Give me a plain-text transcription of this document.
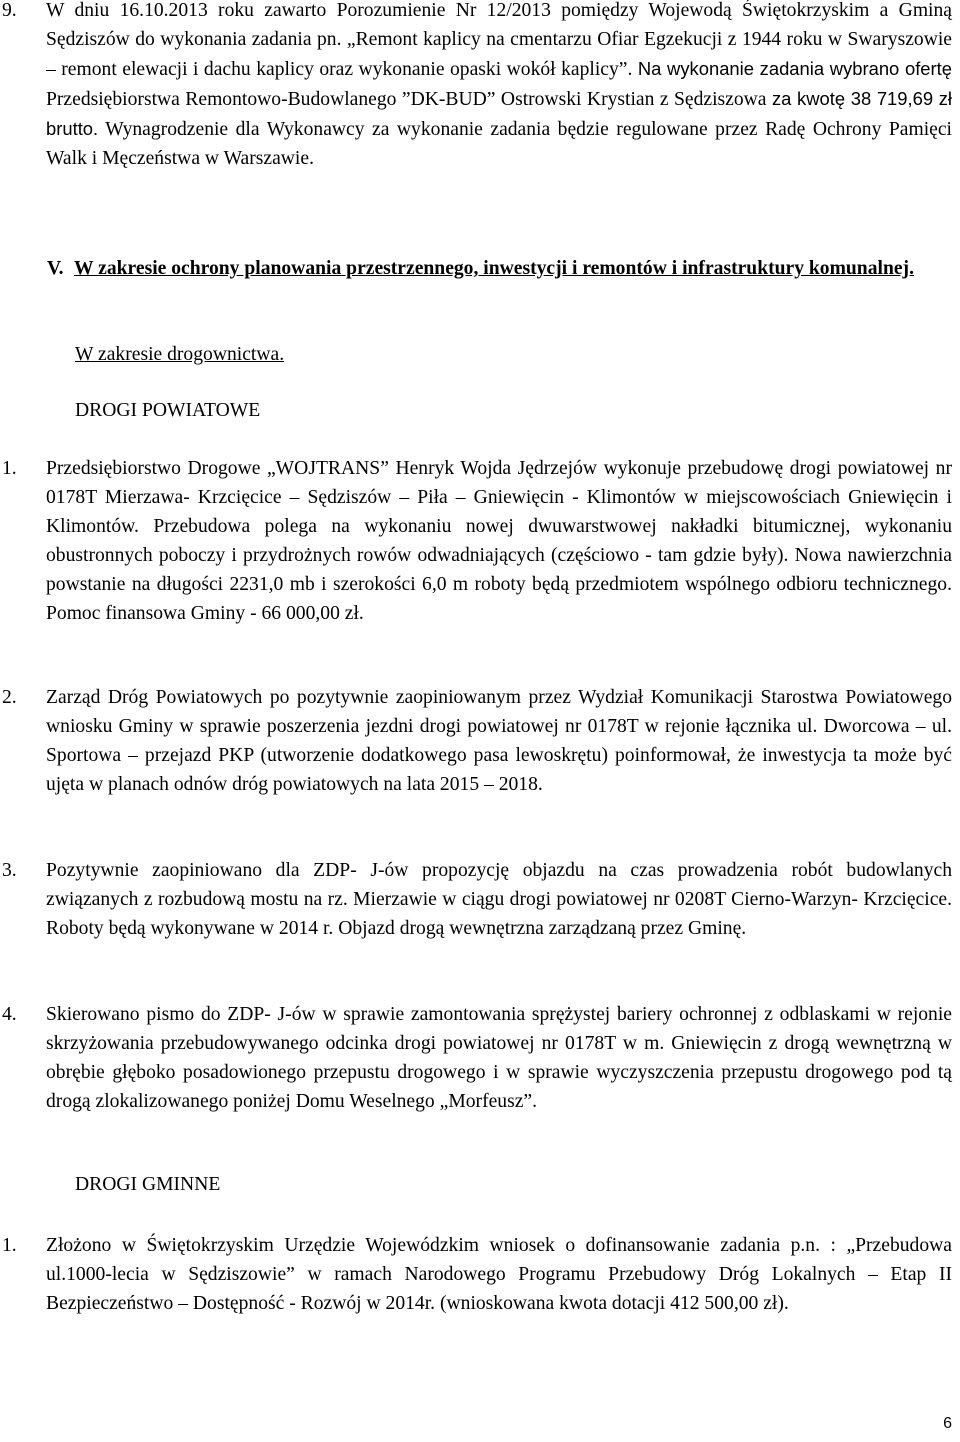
9.	W dniu 16.10.2013 roku zawarto Porozumienie Nr 12/2013 pomiędzy Wojewodą Świętokrzyskim a Gminą Sędziszów do wykonania zadania pn. „Remont kaplicy na cmentarzu Ofiar Egzekucji z 1944 roku w Swaryszowie – remont elewacji i dachu kaplicy oraz wykonanie opaski wokół kaplicy”. Na wykonanie zadania wybrano ofertę Przedsiębiorstwa Remontowo-Budowlanego ”DK-BUD” Ostrowski Krystian z Sędziszowa za kwotę 38 719,69 zł brutto. Wynagrodzenie dla Wykonawcy za wykonanie zadania będzie regulowane przez Radę Ochrony Pamięci Walk i Męczeństwa w Warszawie.

V. W zakresie ochrony planowania przestrzennego, inwestycji i remontów i infrastruktury komunalnej.

W zakresie drogownictwa.
DROGI POWIATOWE
1.	Przedsiębiorstwo Drogowe „WOJTRANS” Henryk Wojda Jędrzejów wykonuje przebudowę drogi powiatowej nr 0178T Mierzawa- Krzcięcice – Sędziszów – Piła – Gniewięcin - Klimontów w miejscowościach Gniewięcin i Klimontów. Przebudowa polega na wykonaniu nowej dwuwarstwowej nakładki bitumicznej, wykonaniu obustronnych poboczy i przydrożnych rowów odwadniających (częściowo - tam gdzie były). Nowa nawierzchnia powstanie na długości 2231,0 mb i szerokości 6,0 m roboty będą przedmiotem wspólnego odbioru technicznego. Pomoc finansowa Gminy - 66 000,00 zł.

2.	Zarząd Dróg Powiatowych po pozytywnie zaopiniowanym przez Wydział Komunikacji Starostwa Powiatowego wniosku Gminy w sprawie poszerzenia jezdni drogi powiatowej nr 0178T w rejonie łącznika ul. Dworcowa – ul. Sportowa – przejazd PKP (utworzenie dodatkowego pasa lewoskrętu) poinformował, że inwestycja ta może być ujęta w planach odnów dróg powiatowych na lata 2015 – 2018.

3.	Pozytywnie zaopiniowano dla ZDP- J-ów propozycję objazdu na czas prowadzenia robót budowlanych związanych z rozbudową mostu na rz. Mierzawie w ciągu drogi powiatowej nr 0208T Cierno-Warzyn- Krzcięcice. Roboty będą wykonywane w 2014 r. Objazd drogą wewnętrzna zarządzaną przez Gminę.

4.	Skierowano pismo do ZDP- J-ów w sprawie zamontowania sprężystej bariery ochronnej z odblaskami w rejonie skrzyżowania przebudowywanego odcinka drogi powiatowej nr 0178T w m. Gniewięcin z drogą wewnętrzną w obrębie głęboko posadowionego przepustu drogowego i w sprawie wyczyszczenia przepustu drogowego pod tą drogą zlokalizowanego poniżej Domu Weselnego „Morfeusz”.

DROGI GMINNE
1.	Złożono w Świętokrzyskim Urzędzie Wojewódzkim wniosek o dofinansowanie zadania p.n. : „Przebudowa ul.1000-lecia w Sędziszowie” w ramach Narodowego Programu Przebudowy Dróg Lokalnych – Etap II Bezpieczeństwo – Dostępność - Rozwój w 2014r. (wnioskowana kwota dotacji 412 500,00 zł).

6
